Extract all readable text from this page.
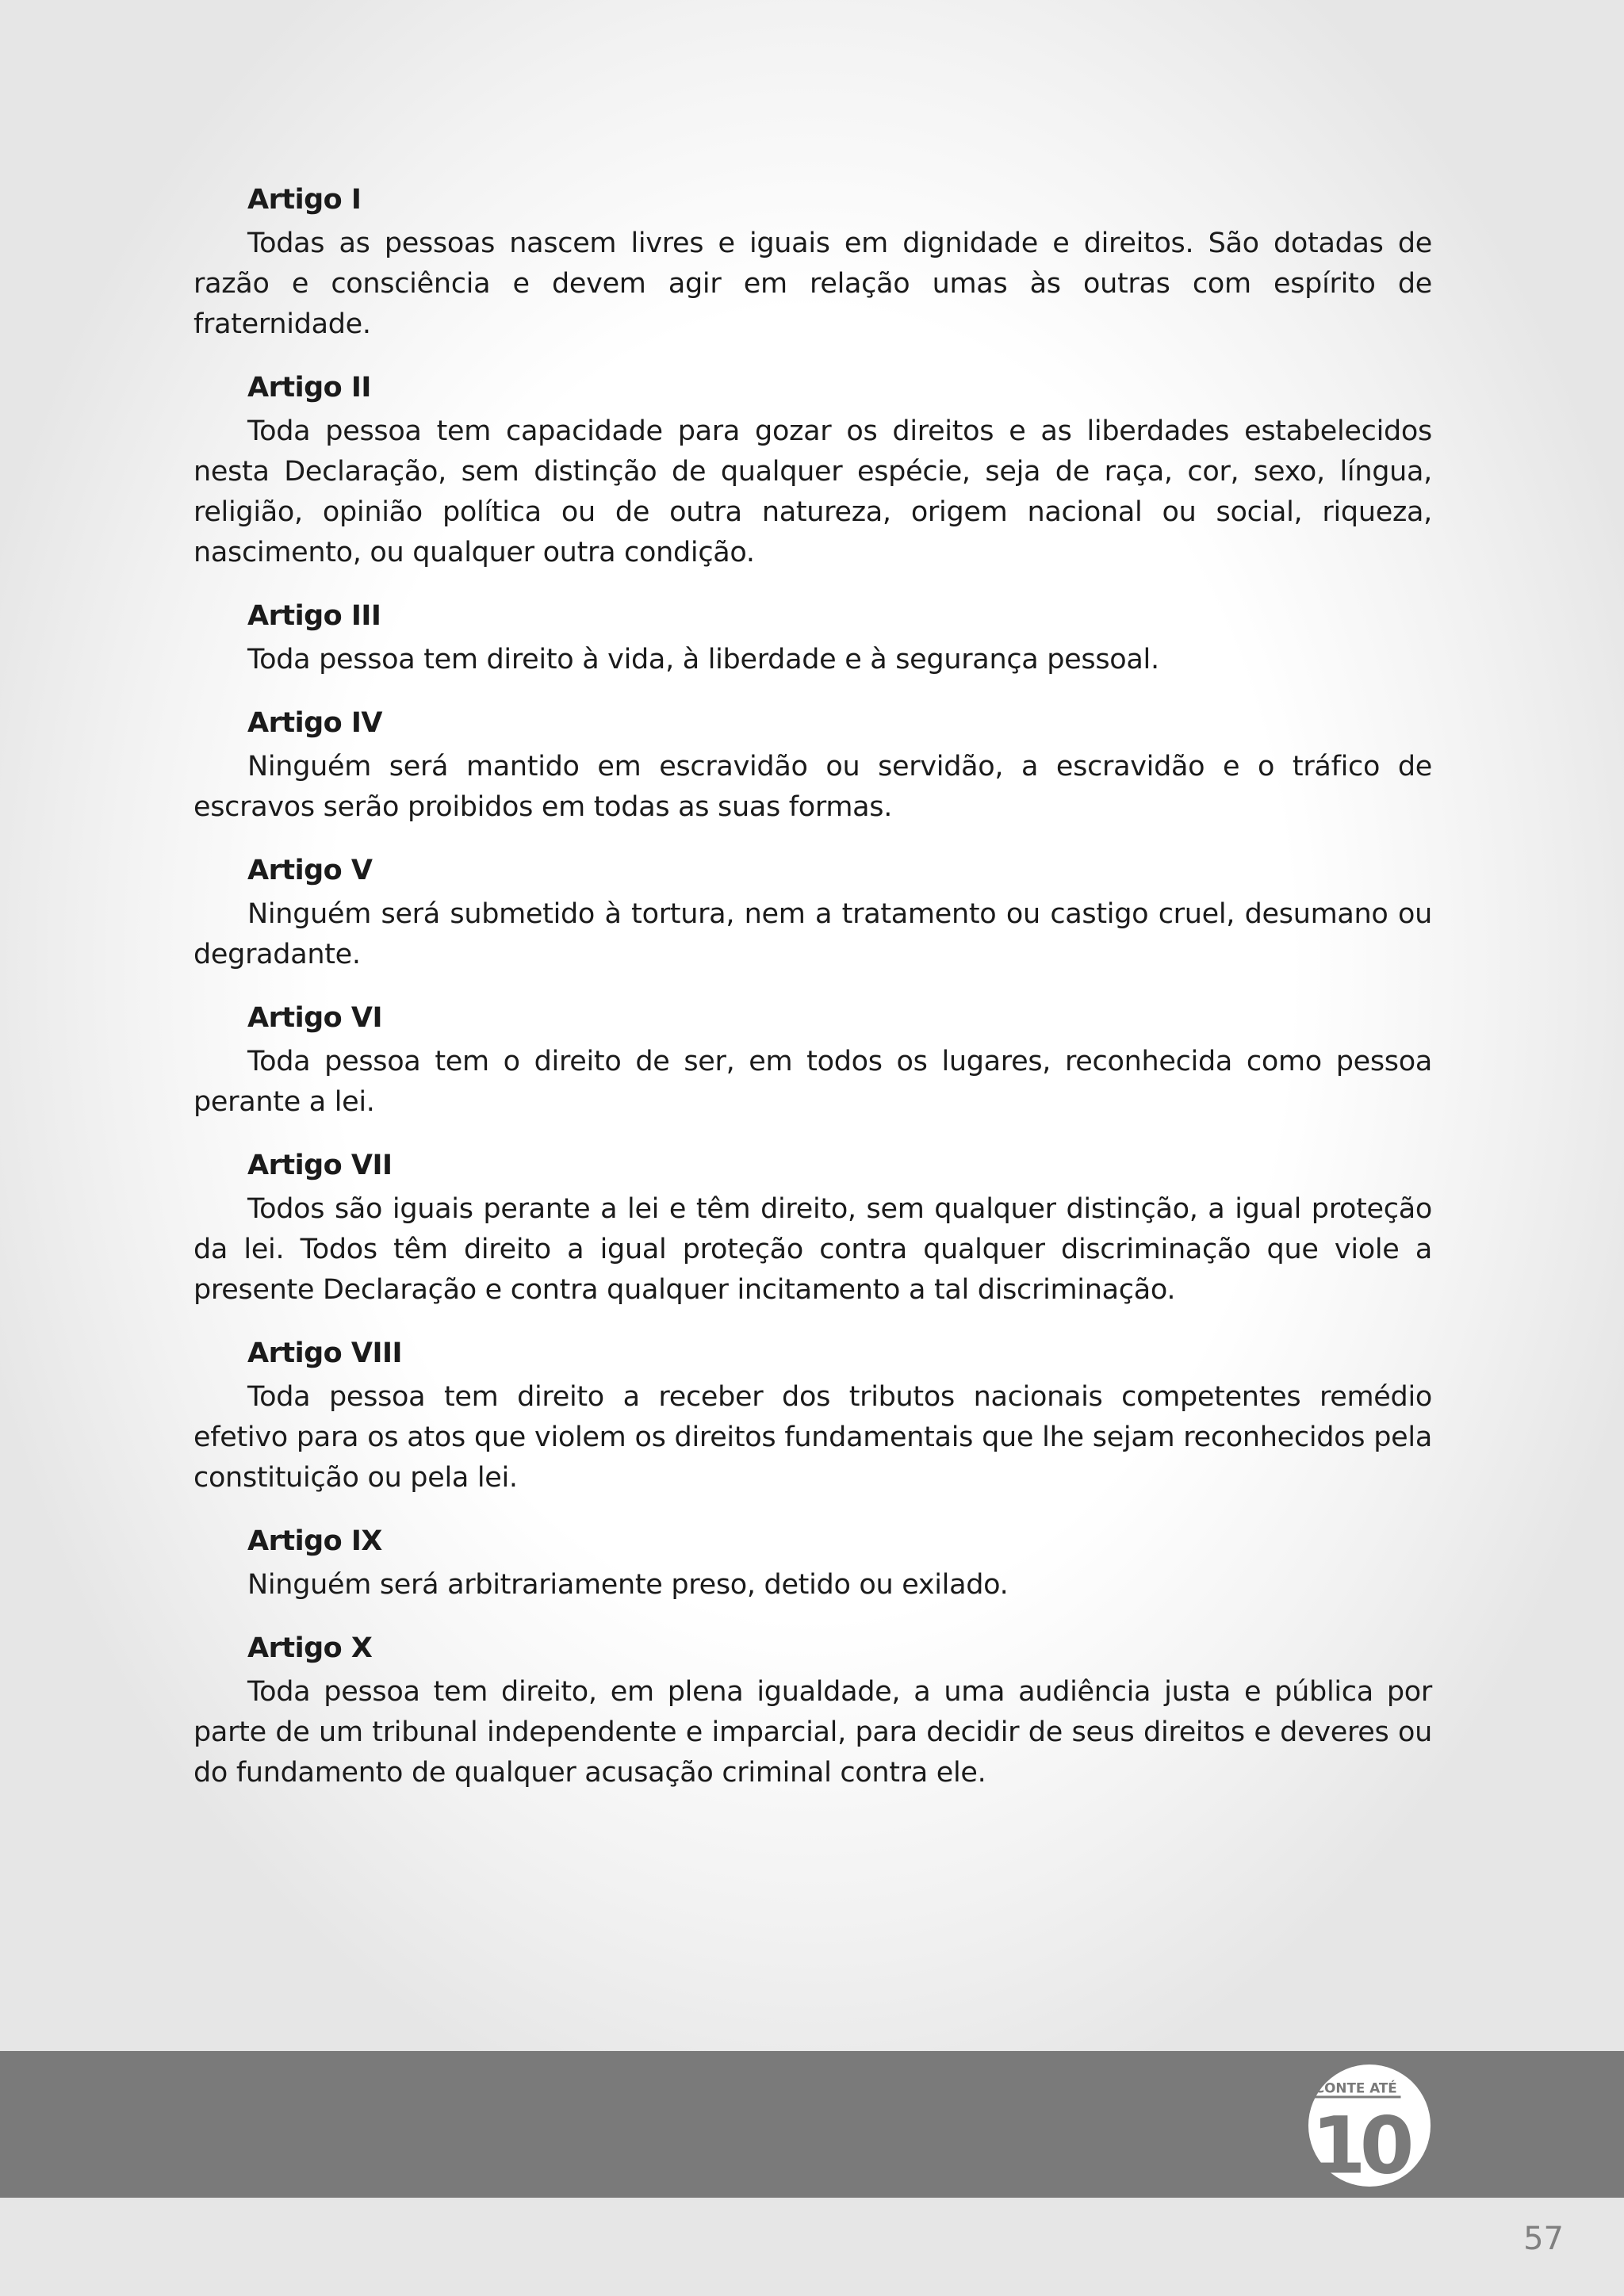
Artigo I

Todas as pessoas nascem livres e iguais em dignidade e direitos. São dotadas de razão e consciência e devem agir em relação umas às outras com espírito de fraternidade.

Artigo II

Toda pessoa tem capacidade para gozar os direitos e as liberdades estabelecidos nesta Declaração, sem distinção de qualquer espécie, seja de raça, cor, sexo, língua, religião, opinião política ou de outra natureza, origem nacional ou social, riqueza, nascimento, ou qualquer outra condição.

Artigo III

Toda pessoa tem direito à vida, à liberdade e à segurança pessoal.

Artigo IV

Ninguém será mantido em escravidão ou servidão, a escravidão e o tráfico de escravos serão proibidos em todas as suas formas.

Artigo V

Ninguém será submetido à tortura, nem a tratamento ou castigo cruel, desumano ou degradante.

Artigo VI

Toda pessoa tem o direito de ser, em todos os lugares, reconhecida como pessoa perante a lei.

Artigo VII

Todos são iguais perante a lei e têm direito, sem qualquer distinção, a igual proteção da lei. Todos têm direito a igual proteção contra qualquer discriminação que viole a presente Declaração e contra qualquer incitamento a tal discriminação.

Artigo VIII

Toda pessoa tem direito a receber dos tributos nacionais competentes remédio efetivo para os atos que violem os direitos fundamentais que lhe sejam reconhecidos pela constituição ou pela lei.

Artigo IX

Ninguém será arbitrariamente preso, detido ou exilado.

Artigo X

Toda pessoa tem direito, em plena igualdade, a uma audiência justa e pública por parte de um tribunal independente e imparcial, para decidir de seus direitos e deveres ou do fundamento de qualquer acusação criminal contra ele.

CONTE ATÉ
10
57
